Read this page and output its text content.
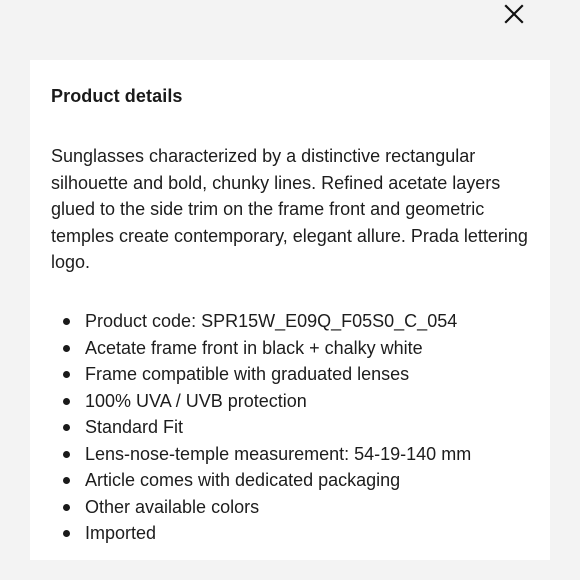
Product details

Sunglasses characterized by a distinctive rectangular silhouette and bold, chunky lines. Refined acetate layers glued to the side trim on the frame front and geometric temples create contemporary, elegant allure. Prada lettering logo.

Product code: SPR15W_E09Q_F05S0_C_054
Acetate frame front in black + chalky white
Frame compatible with graduated lenses
100% UVA / UVB protection
Standard Fit
Lens-nose-temple measurement: 54-19-140 mm
Article comes with dedicated packaging
Other available colors
Imported
